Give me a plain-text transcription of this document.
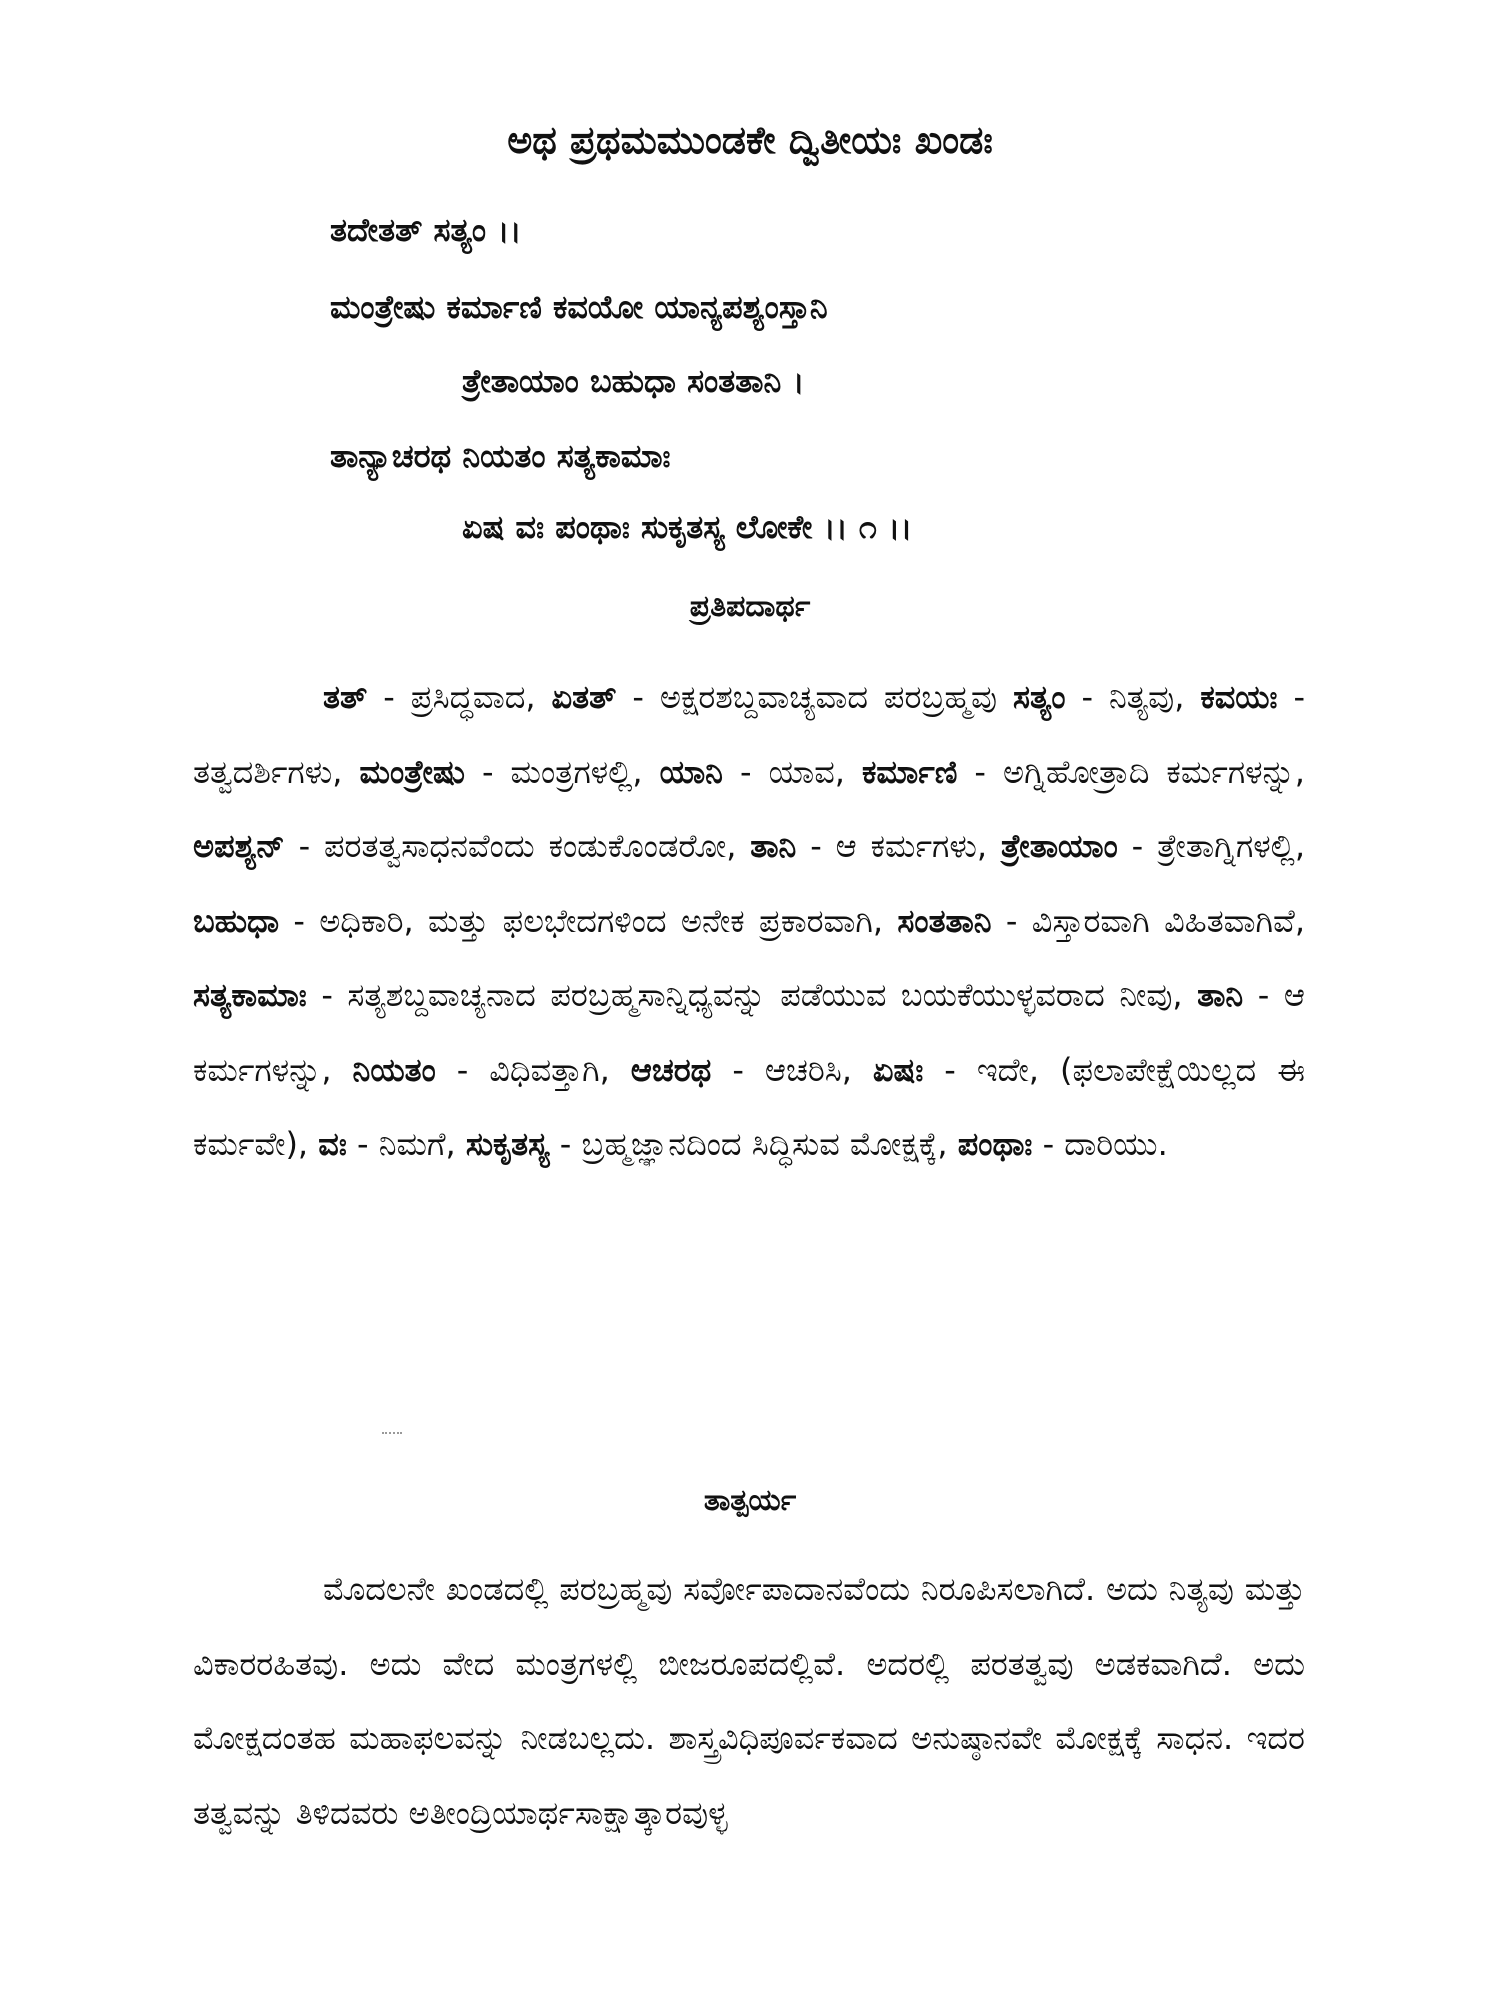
ಅಥ ಪ್ರಥಮಮುಂಡಕೇ ದ್ವಿತೀಯಃ ಖಂಡಃ
ತದೇತತ್ ಸತ್ಯಂ ।।
ಮಂತ್ರೇಷು ಕರ್ಮಾಣಿ ಕವಯೋ ಯಾನ್ಯಪಶ್ಯಂಸ್ತಾನಿ
ತ್ರೇತಾಯಾಂ ಬಹುಧಾ ಸಂತತಾನಿ ।
ತಾನ್ಯಾಚರಥ ನಿಯತಂ ಸತ್ಯಕಾಮಾಃ
ಏಷ ವಃ ಪಂಥಾಃ ಸುಕೃತಸ್ಯ ಲೋಕೇ ।। ೧ ।।
ಪ್ರತಿಪದಾರ್ಥ
ತತ್ - ಪ್ರಸಿದ್ಧವಾದ, ಏತತ್ - ಅಕ್ಷರಶಬ್ದವಾಚ್ಯವಾದ ಪರಬ್ರಹ್ಮವು ಸತ್ಯಂ - ನಿತ್ಯವು, ಕವಯಃ - ತತ್ವದರ್ಶಿಗಳು, ಮಂತ್ರೇಷು - ಮಂತ್ರಗಳಲ್ಲಿ, ಯಾನಿ - ಯಾವ, ಕರ್ಮಾಣಿ - ಅಗ್ನಿಹೋತ್ರಾದಿ ಕರ್ಮಗಳನ್ನು, ಅಪಶ್ಯನ್ - ಪರತತ್ವಸಾಧನವೆಂದು ಕಂಡುಕೊಂಡರೋ, ತಾನಿ - ಆ ಕರ್ಮಗಳು, ತ್ರೇತಾಯಾಂ - ತ್ರೇತಾಗ್ನಿಗಳಲ್ಲಿ, ಬಹುಧಾ - ಅಧಿಕಾರಿ, ಮತ್ತು ಫಲಭೇದಗಳಿಂದ ಅನೇಕ ಪ್ರಕಾರವಾಗಿ, ಸಂತತಾನಿ - ವಿಸ್ತಾರವಾಗಿ ವಿಹಿತವಾಗಿವೆ, ಸತ್ಯಕಾಮಾಃ - ಸತ್ಯಶಬ್ದವಾಚ್ಯನಾದ ಪರಬ್ರಹ್ಮಸಾನ್ನಿಧ್ಯವನ್ನು ಪಡೆಯುವ ಬಯಕೆಯುಳ್ಳವರಾದ ನೀವು, ತಾನಿ - ಆ ಕರ್ಮಗಳನ್ನು, ನಿಯತಂ - ವಿಧಿವತ್ತಾಗಿ, ಆಚರಥ - ಆಚರಿಸಿ, ಏಷಃ - ಇದೇ, (ಫಲಾಪೇಕ್ಷೆಯಿಲ್ಲದ ಈ ಕರ್ಮವೇ), ವಃ - ನಿಮಗೆ, ಸುಕೃತಸ್ಯ - ಬ್ರಹ್ಮಜ್ಞಾನದಿಂದ ಸಿದ್ಧಿಸುವ ಮೋಕ್ಷಕ್ಕೆ, ಪಂಥಾಃ - ದಾರಿಯು.
ತಾತ್ಪರ್ಯ
ಮೊದಲನೇ ಖಂಡದಲ್ಲಿ ಪರಬ್ರಹ್ಮವು ಸರ್ವೋಪಾದಾನವೆಂದು ನಿರೂಪಿಸಲಾಗಿದೆ. ಅದು ನಿತ್ಯವು ಮತ್ತು ವಿಕಾರರಹಿತವು. ಅದು ವೇದ ಮಂತ್ರಗಳಲ್ಲಿ ಬೀಜರೂಪದಲ್ಲಿವೆ. ಅದರಲ್ಲಿ ಪರತತ್ವವು ಅಡಕವಾಗಿದೆ. ಅದು ಮೋಕ್ಷದಂತಹ ಮಹಾಫಲವನ್ನು ನೀಡಬಲ್ಲದು. ಶಾಸ್ತ್ರವಿಧಿಪೂರ್ವಕವಾದ ಅನುಷ್ಠಾನವೇ ಮೋಕ್ಷಕ್ಕೆ ಸಾಧನ. ಇದರ ತತ್ವವನ್ನು ತಿಳಿದವರು ಅತೀಂದ್ರಿಯಾರ್ಥಸಾಕ್ಷಾತ್ಕಾರವುಳ್ಳ
